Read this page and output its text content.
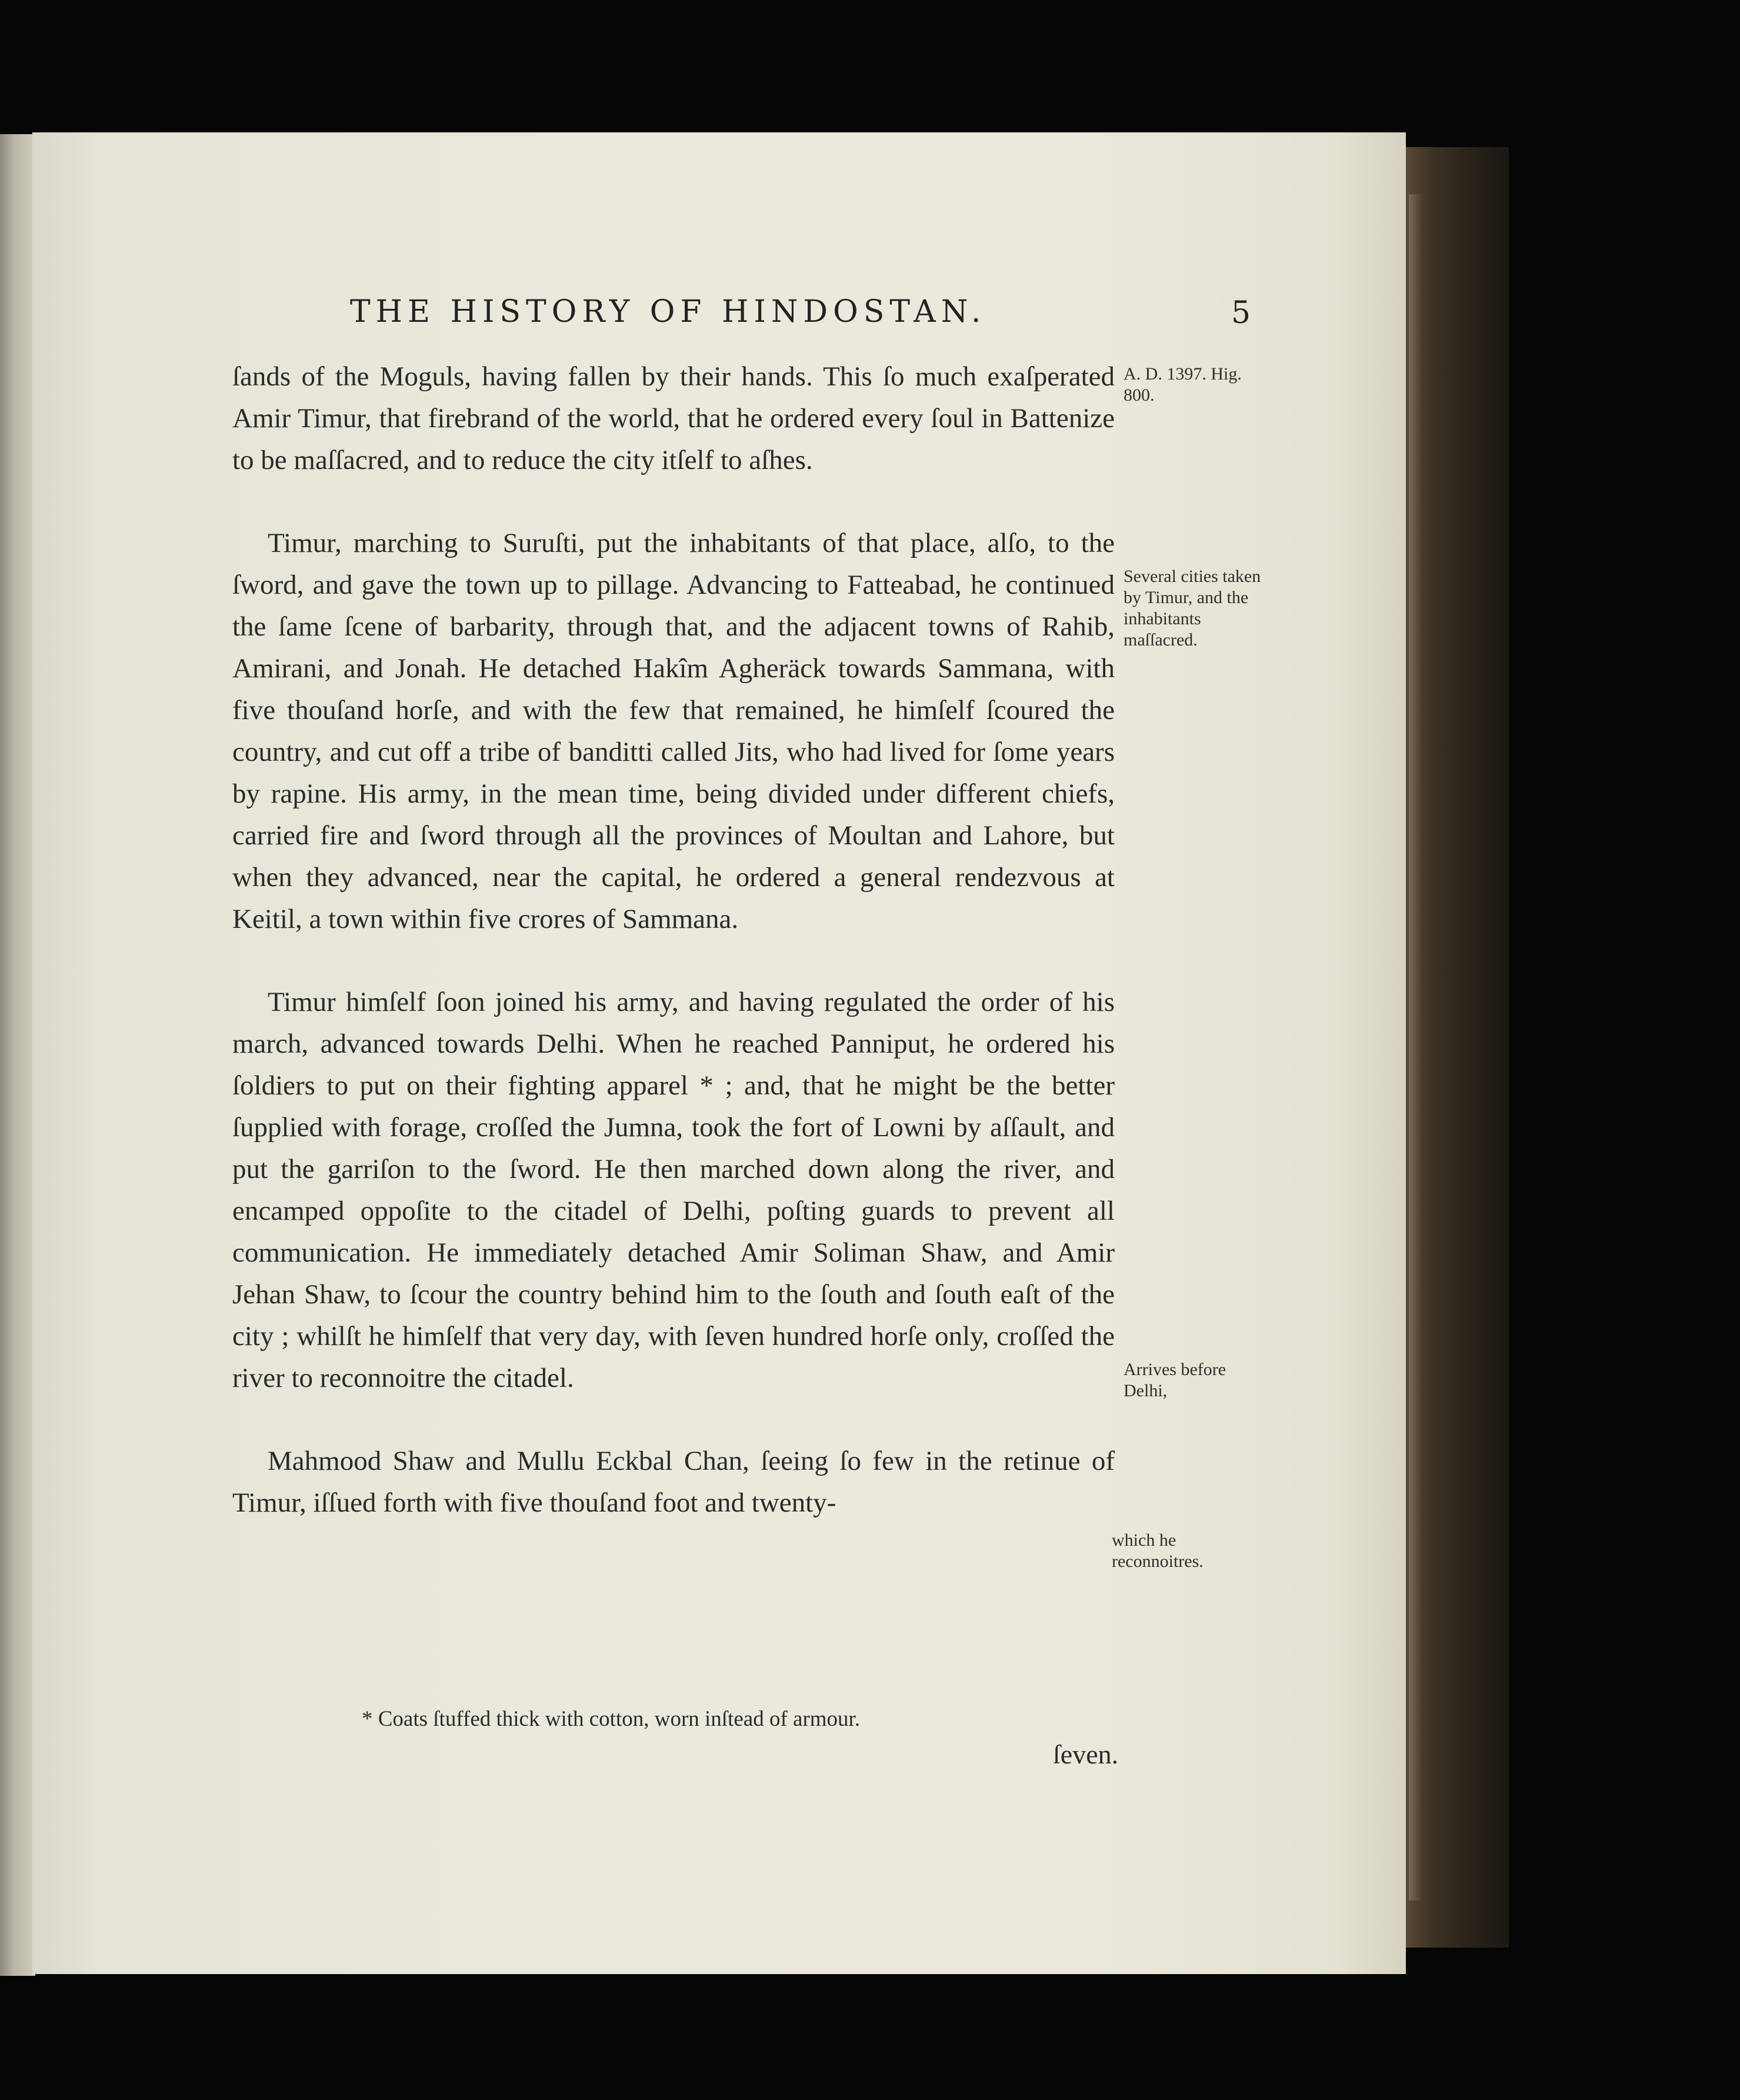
THE HISTORY OF HINDOSTAN.	5

ſands of the Moguls, having fallen by their hands. This ſo much exaſperated Amir Timur, that firebrand of the world, that he ordered every ſoul in Battenize to be maſſacred, and to reduce the city itſelf to aſhes.

Timur, marching to Suruſti, put the inhabitants of that place, alſo, to the ſword, and gave the town up to pillage. Advancing to Fatteabad, he continued the ſame ſcene of barbarity, through that, and the adjacent towns of Rahib, Amirani, and Jonah. He detached Hakîm Agheräck towards Sammana, with five thouſand horſe, and with the few that remained, he himſelf ſcoured the country, and cut off a tribe of banditti called Jits, who had lived for ſome years by rapine. His army, in the mean time, being divided under different chiefs, carried fire and ſword through all the provinces of Moultan and Lahore, but when they advanced, near the capital, he ordered a general rendezvous at Keitil, a town within five crores of Sammana.

Timur himſelf ſoon joined his army, and having regulated the order of his march, advanced towards Delhi. When he reached Panniput, he ordered his ſoldiers to put on their fighting apparel * ; and, that he might be the better ſupplied with forage, croſſed the Jumna, took the fort of Lowni by aſſault, and put the garriſon to the ſword. He then marched down along the river, and encamped oppoſite to the citadel of Delhi, poſting guards to prevent all communication. He immediately detached Amir Soliman Shaw, and Amir Jehan Shaw, to ſcour the country behind him to the ſouth and ſouth eaſt of the city ; whilſt he himſelf that very day, with ſeven hundred horſe only, croſſed the river to reconnoitre the citadel.

Mahmood Shaw and Mullu Eckbal Chan, ſeeing ſo few in the retinue of Timur, iſſued forth with five thouſand foot and twenty-

A. D. 1397. Hig. 800.
Several cities taken by Timur, and the inhabitants maſſacred.
Arrives before Delhi,
which he reconnoitres.
* Coats ſtuffed thick with cotton, worn inſtead of armour.
ſeven.
